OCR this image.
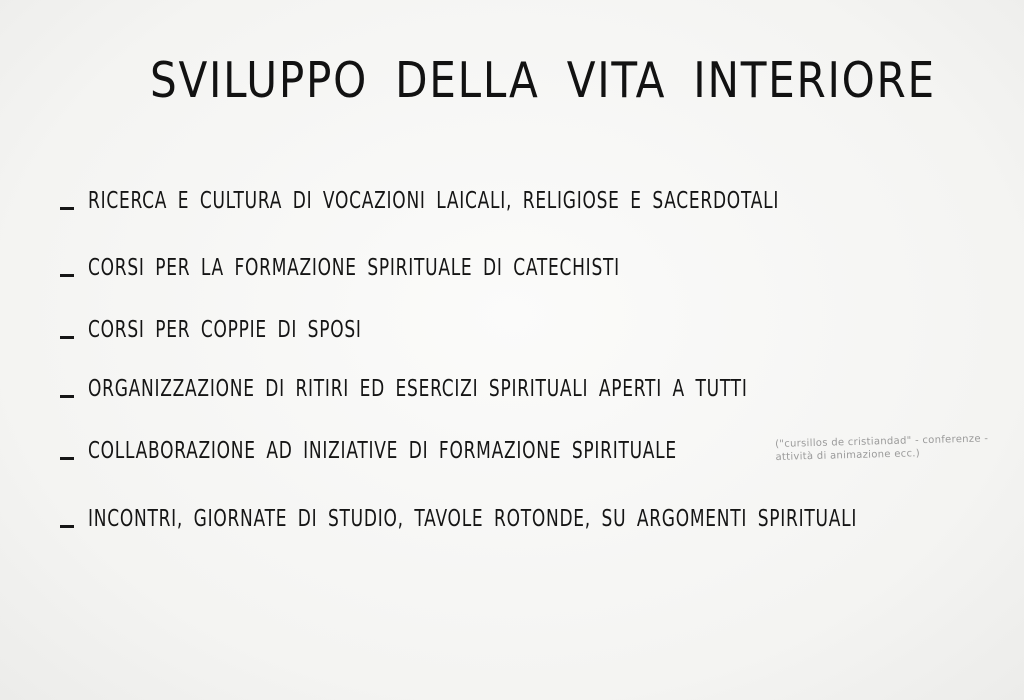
SVILUPPO DELLA VITA INTERIORE
RICERCA E CULTURA DI VOCAZIONI LAICALI, RELIGIOSE E SACERDOTALI
CORSI PER LA FORMAZIONE SPIRITUALE DI CATECHISTI
CORSI PER COPPIE DI SPOSI
ORGANIZZAZIONE DI RITIRI ED ESERCIZI SPIRITUALI APERTI A TUTTI
COLLABORAZIONE AD INIZIATIVE DI FORMAZIONE SPIRITUALE
INCONTRI, GIORNATE DI STUDIO, TAVOLE ROTONDE, SU ARGOMENTI SPIRITUALI
("cursillos de cristiandad" - conferenze -
attività di animazione ecc.)
